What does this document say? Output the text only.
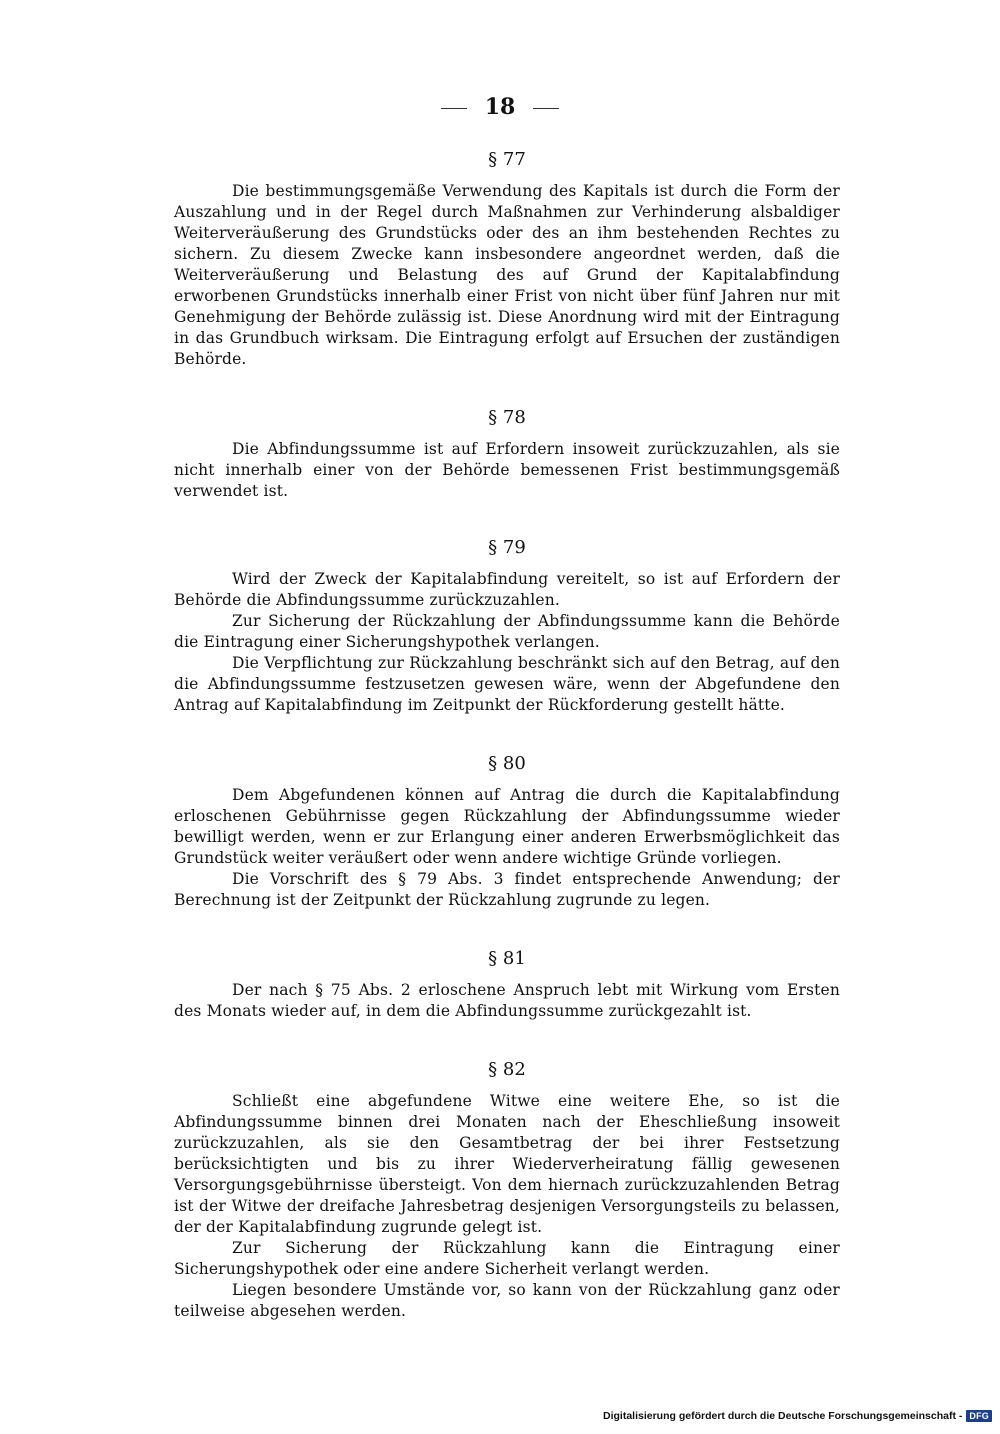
18
§ 77

Die bestimmungsgemäße Verwendung des Kapitals ist durch die Form der Auszahlung und in der Regel durch Maßnahmen zur Verhinderung alsbaldiger Weiterveräußerung des Grundstücks oder des an ihm bestehenden Rechtes zu sichern. Zu diesem Zwecke kann insbesondere angeordnet werden, daß die Weiterveräußerung und Belastung des auf Grund der Kapitalabfindung erworbenen Grundstücks innerhalb einer Frist von nicht über fünf Jahren nur mit Genehmigung der Behörde zulässig ist. Diese Anordnung wird mit der Eintragung in das Grundbuch wirksam. Die Eintragung erfolgt auf Ersuchen der zuständigen Behörde.

§ 78

Die Abfindungssumme ist auf Erfordern insoweit zurückzuzahlen, als sie nicht innerhalb einer von der Behörde bemessenen Frist bestimmungsgemäß verwendet ist.

§ 79

Wird der Zweck der Kapitalabfindung vereitelt, so ist auf Erfordern der Behörde die Abfindungssumme zurückzuzahlen.

Zur Sicherung der Rückzahlung der Abfindungssumme kann die Behörde die Eintragung einer Sicherungshypothek verlangen.

Die Verpflichtung zur Rückzahlung beschränkt sich auf den Betrag, auf den die Abfindungssumme festzusetzen gewesen wäre, wenn der Abgefundene den Antrag auf Kapitalabfindung im Zeitpunkt der Rückforderung gestellt hätte.

§ 80

Dem Abgefundenen können auf Antrag die durch die Kapitalabfindung erloschenen Gebührnisse gegen Rückzahlung der Abfindungssumme wieder bewilligt werden, wenn er zur Erlangung einer anderen Erwerbsmöglichkeit das Grundstück weiter veräußert oder wenn andere wichtige Gründe vorliegen.

Die Vorschrift des § 79 Abs. 3 findet entsprechende Anwendung; der Berechnung ist der Zeitpunkt der Rückzahlung zugrunde zu legen.

§ 81

Der nach § 75 Abs. 2 erloschene Anspruch lebt mit Wirkung vom Ersten des Monats wieder auf, in dem die Abfindungssumme zurückgezahlt ist.

§ 82

Schließt eine abgefundene Witwe eine weitere Ehe, so ist die Abfindungssumme binnen drei Monaten nach der Eheschließung insoweit zurückzuzahlen, als sie den Gesamtbetrag der bei ihrer Festsetzung berücksichtigten und bis zu ihrer Wiederverheiratung fällig gewesenen Versorgungsgebührnisse übersteigt. Von dem hiernach zurückzuzahlenden Betrag ist der Witwe der dreifache Jahresbetrag desjenigen Versorgungsteils zu belassen, der der Kapitalabfindung zugrunde gelegt ist.

Zur Sicherung der Rückzahlung kann die Eintragung einer Sicherungshypothek oder eine andere Sicherheit verlangt werden.

Liegen besondere Umstände vor, so kann von der Rückzahlung ganz oder teilweise abgesehen werden.

Digitalisierung gefördert durch die Deutsche Forschungsgemeinschaft - DFG
